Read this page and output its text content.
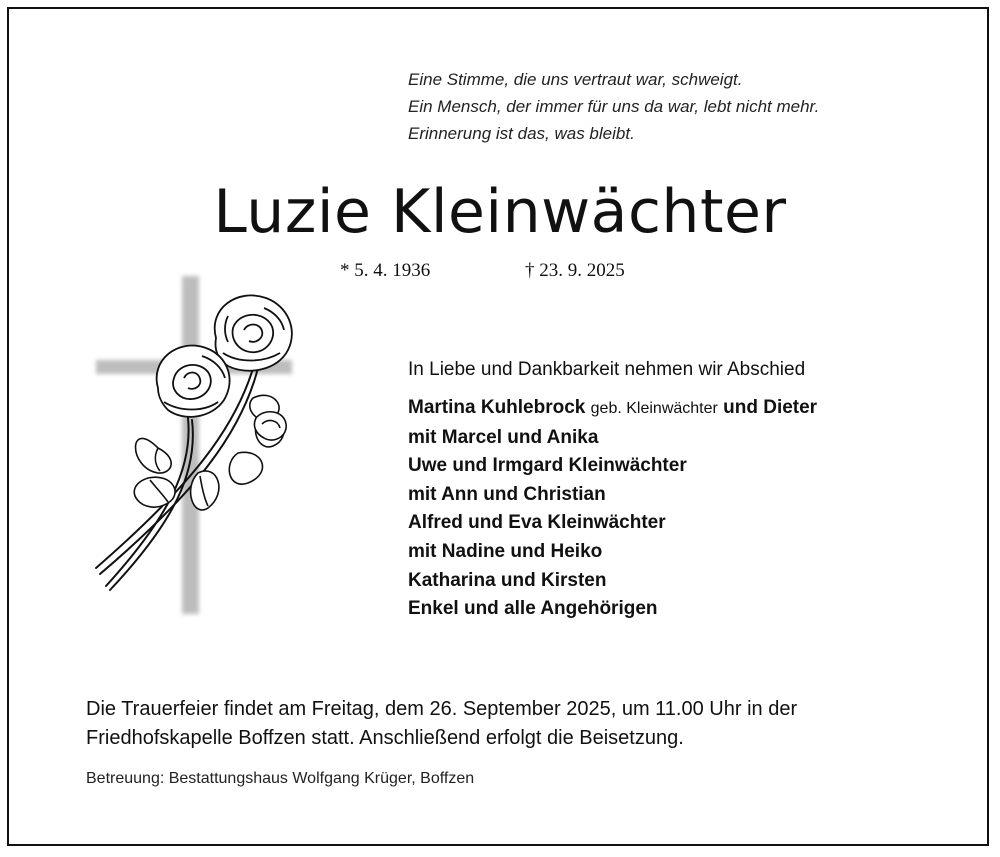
Eine Stimme, die uns vertraut war, schweigt.
Ein Mensch, der immer für uns da war, lebt nicht mehr.
Erinnerung ist das, was bleibt.
Luzie Kleinwächter
* 5. 4. 1936	† 23. 9. 2025
In Liebe und Dankbarkeit nehmen wir Abschied
Martina Kuhlebrock geb. Kleinwächter und Dieter
mit Marcel und Anika
Uwe und Irmgard Kleinwächter
mit Ann und Christian
Alfred und Eva Kleinwächter
mit Nadine und Heiko
Katharina und Kirsten
Enkel und alle Angehörigen
Die Trauerfeier findet am Freitag, dem 26. September 2025, um 11.00 Uhr in der
Friedhofskapelle Boffzen statt. Anschließend erfolgt die Beisetzung.
Betreuung: Bestattungshaus Wolfgang Krüger, Boffzen
